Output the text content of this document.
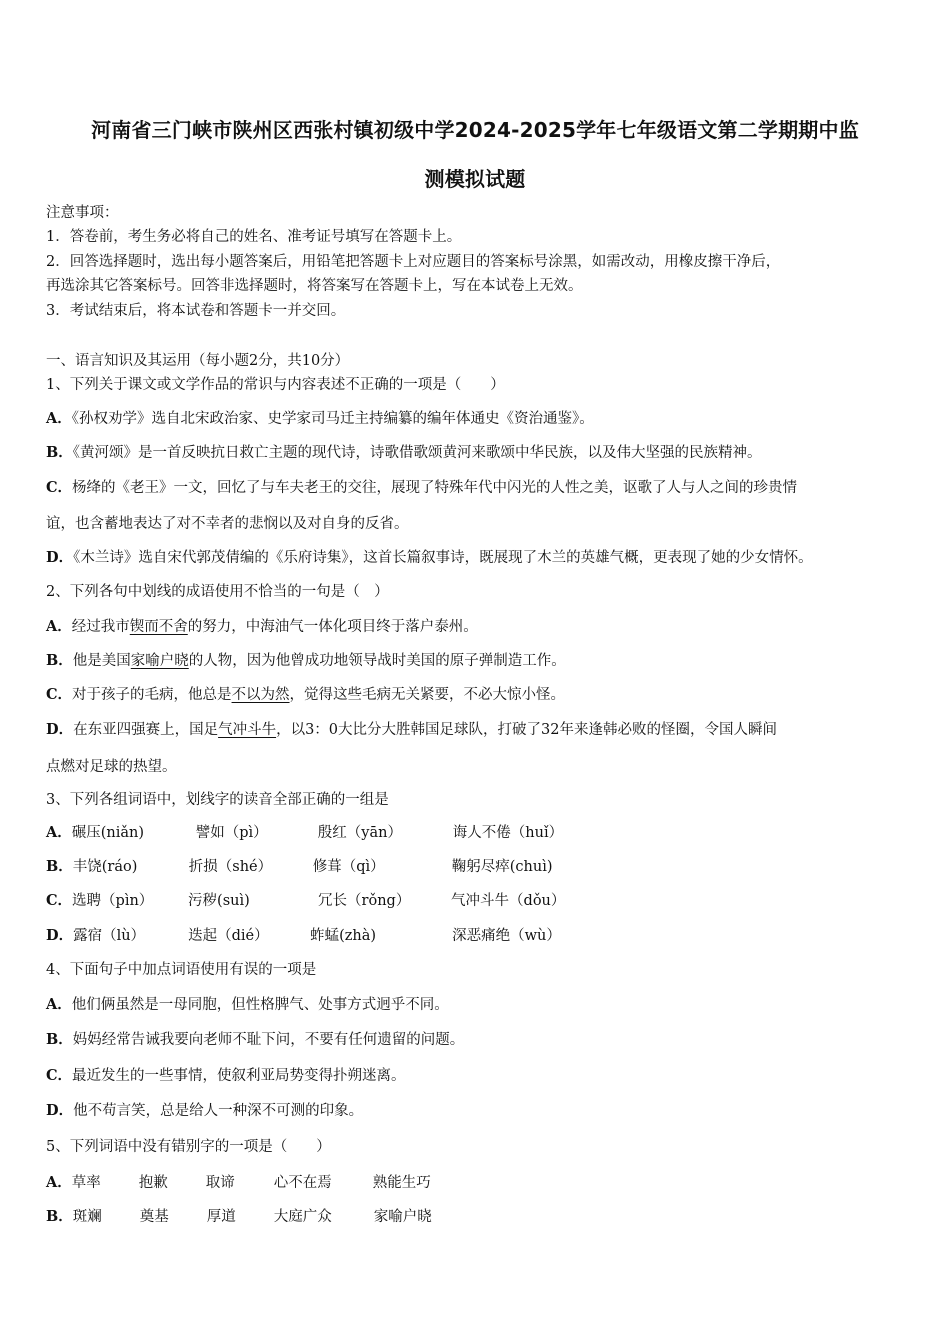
河南省三门峡市陕州区西张村镇初级中学2024-2025学年七年级语文第二学期期中监
测模拟试题
注意事项：
1．答卷前，考生务必将自己的姓名、准考证号填写在答题卡上。
2．回答选择题时，选出每小题答案后，用铅笔把答题卡上对应题目的答案标号涂黑，如需改动，用橡皮擦干净后，
再选涂其它答案标号。回答非选择题时，将答案写在答题卡上，写在本试卷上无效。
3．考试结束后，将本试卷和答题卡一并交回。
一、语言知识及其运用（每小题2分，共10分）
1、下列关于课文或文学作品的常识与内容表述不正确的一项是（　　）
A．《孙权劝学》选自北宋政治家、史学家司马迁主持编纂的编年体通史《资治通鉴》。
B．《黄河颂》是一首反映抗日救亡主题的现代诗，诗歌借歌颂黄河来歌颂中华民族，以及伟大坚强的民族精神。
C．杨绛的《老王》一文，回忆了与车夫老王的交往，展现了特殊年代中闪光的人性之美，讴歌了人与人之间的珍贵情
谊，也含蓄地表达了对不幸者的悲悯以及对自身的反省。
D．《木兰诗》选自宋代郭茂倩编的《乐府诗集》，这首长篇叙事诗，既展现了木兰的英雄气概，更表现了她的少女情怀。
2、下列各句中划线的成语使用不恰当的一句是（　）
A．经过我市锲而不舍的努力，中海油气一体化项目终于落户泰州。
B．他是美国家喻户晓的人物，因为他曾成功地领导战时美国的原子弹制造工作。
C．对于孩子的毛病，他总是不以为然，觉得这些毛病无关紧要，不必大惊小怪。
D．在东亚四强赛上，国足气冲斗牛，以3：0大比分大胜韩国足球队，打破了32年来逢韩必败的怪圈，令国人瞬间
点燃对足球的热望。
3、下列各组词语中，划线字的读音全部正确的一组是
A．碾压(niǎn)	譬如（pì）	殷红（yān）	诲人不倦（huǐ）
B．丰饶(ráo)	折损（shé）	修葺（qì）	鞠躬尽瘁(chuì)
C．选聘（pìn） 污秽(suì)	冗长（rǒng）	气冲斗牛（dǒu）
D．露宿（lù）	迭起（dié）	蚱蜢(zhà)	深恶痛绝（wù）
4、下面句子中加点词语使用有误的一项是
A．他们俩虽然是一母同胞，但性格脾气、处事方式迥乎不同。
B．妈妈经常告诫我要向老师不耻下问，不要有任何遗留的问题。
C．最近发生的一些事情，使叙利亚局势变得扑朔迷离。
D．他不苟言笑，总是给人一种深不可测的印象。
5、下列词语中没有错别字的一项是（　　）
A．草率	抱歉	取谛	心不在焉	熟能生巧
B．斑斓	奠基	厚道	大庭广众	家喻户晓
